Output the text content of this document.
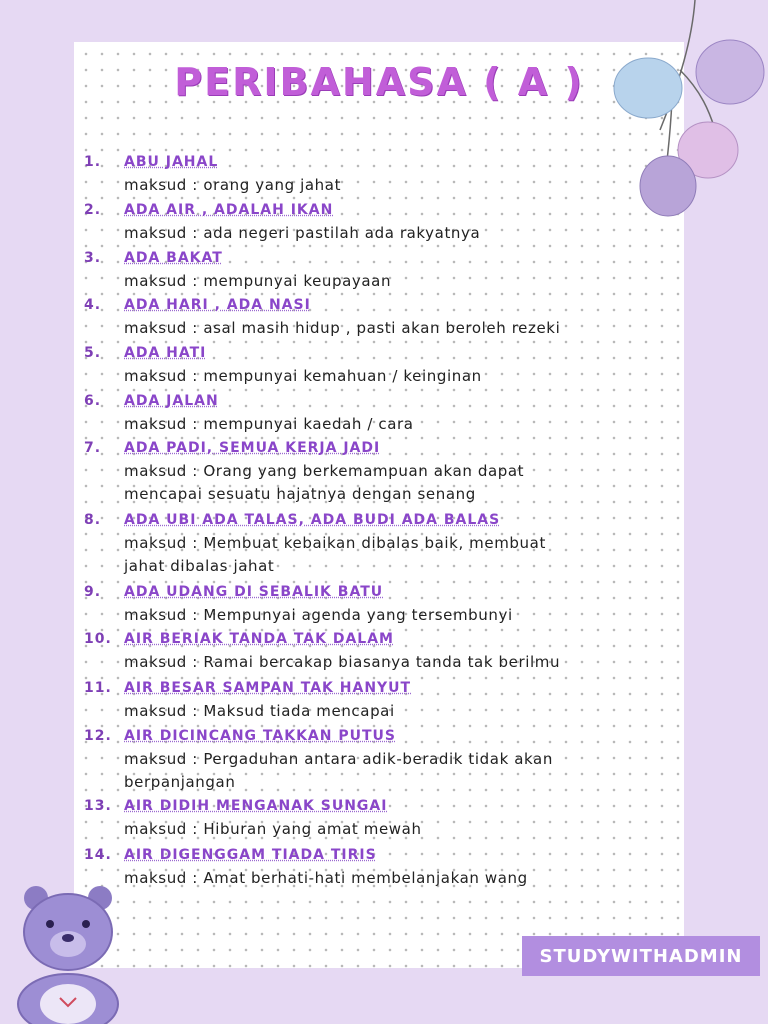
PERIBAHASA ( A )
1. ABU JAHAL
maksud : orang yang jahat
2. ADA AIR , ADALAH IKAN
maksud : ada negeri pastilah ada rakyatnya
3. ADA BAKAT
maksud : mempunyai keupayaan
4. ADA HARI , ADA NASI
maksud : asal masih hidup , pasti akan beroleh rezeki
5. ADA HATI
maksud : mempunyai kemahuan / keinginan
6. ADA JALAN
maksud : mempunyai kaedah / cara
7. ADA PADI, SEMUA KERJA JADI
maksud : Orang yang berkemampuan akan dapat
mencapai sesuatu hajatnya dengan senang
8. ADA UBI ADA TALAS, ADA BUDI ADA BALAS
maksud : Membuat kebaikan dibalas baik, membuat
jahat dibalas jahat
9. ADA UDANG DI SEBALIK BATU
maksud : Mempunyai agenda yang tersembunyi
10. AIR BERIAK TANDA TAK DALAM
maksud : Ramai bercakap biasanya tanda tak berilmu
11. AIR BESAR SAMPAN TAK HANYUT
maksud : Maksud tiada mencapai
12. AIR DICINCANG TAKKAN PUTUS
maksud : Pergaduhan antara adik-beradik tidak akan
berpanjangan
13. AIR DIDIH MENGANAK SUNGAI
maksud : Hiburan yang amat mewah
14. AIR DIGENGGAM TIADA TIRIS
maksud : Amat berhati-hati membelanjakan wang
STUDYWITHADMIN
